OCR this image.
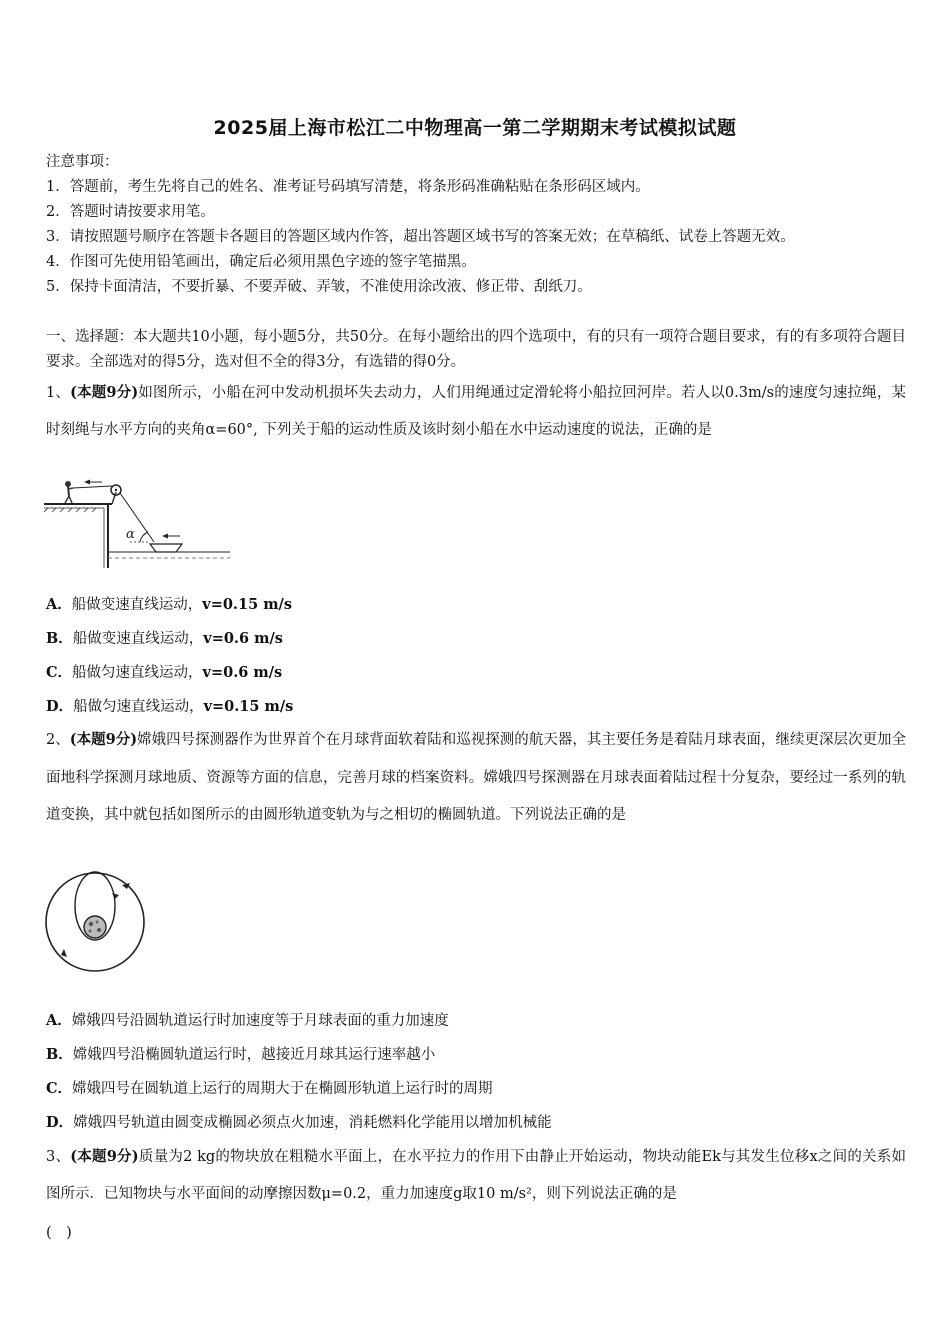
2025届上海市松江二中物理高一第二学期期末考试模拟试题
注意事项：
1．答题前，考生先将自己的姓名、准考证号码填写清楚，将条形码准确粘贴在条形码区域内。
2．答题时请按要求用笔。
3．请按照题号顺序在答题卡各题目的答题区域内作答，超出答题区域书写的答案无效；在草稿纸、试卷上答题无效。
4．作图可先使用铅笔画出，确定后必须用黑色字迹的签字笔描黑。
5．保持卡面清洁，不要折暴、不要弄破、弄皱，不准使用涂改液、修正带、刮纸刀。
一、选择题：本大题共10小题，每小题5分，共50分。在每小题给出的四个选项中，有的只有一项符合题目要求，有的有多项符合题目要求。全部选对的得5分，选对但不全的得3分，有选错的得0分。
1、(本题9分)如图所示，小船在河中发动机损坏失去动力，人们用绳通过定滑轮将小船拉回河岸。若人以0.3m/s的速度匀速拉绳，某时刻绳与水平方向的夹角α=60°, 下列关于船的运动性质及该时刻小船在水中运动速度的说法，正确的是
α
A．船做变速直线运动，v=0.15 m/s
B．船做变速直线运动，v=0.6 m/s
C．船做匀速直线运动，v=0.6 m/s
D．船做匀速直线运动，v=0.15 m/s
2、(本题9分)嫦娥四号探测器作为世界首个在月球背面软着陆和巡视探测的航天器，其主要任务是着陆月球表面，继续更深层次更加全面地科学探测月球地质、资源等方面的信息，完善月球的档案资料。嫦娥四号探测器在月球表面着陆过程十分复杂，要经过一系列的轨道变换，其中就包括如图所示的由圆形轨道变轨为与之相切的椭圆轨道。下列说法正确的是
A．嫦娥四号沿圆轨道运行时加速度等于月球表面的重力加速度
B．嫦娥四号沿椭圆轨道运行时，越接近月球其运行速率越小
C．嫦娥四号在圆轨道上运行的周期大于在椭圆形轨道上运行时的周期
D．嫦娥四号轨道由圆变成椭圆必须点火加速，消耗燃料化学能用以增加机械能
3、(本题9分)质量为2 kg的物块放在粗糙水平面上，在水平拉力的作用下由静止开始运动，物块动能Ek与其发生位移x之间的关系如图所示．已知物块与水平面间的动摩擦因数μ=0.2，重力加速度g取10 m/s²，则下列说法正确的是
(　)
